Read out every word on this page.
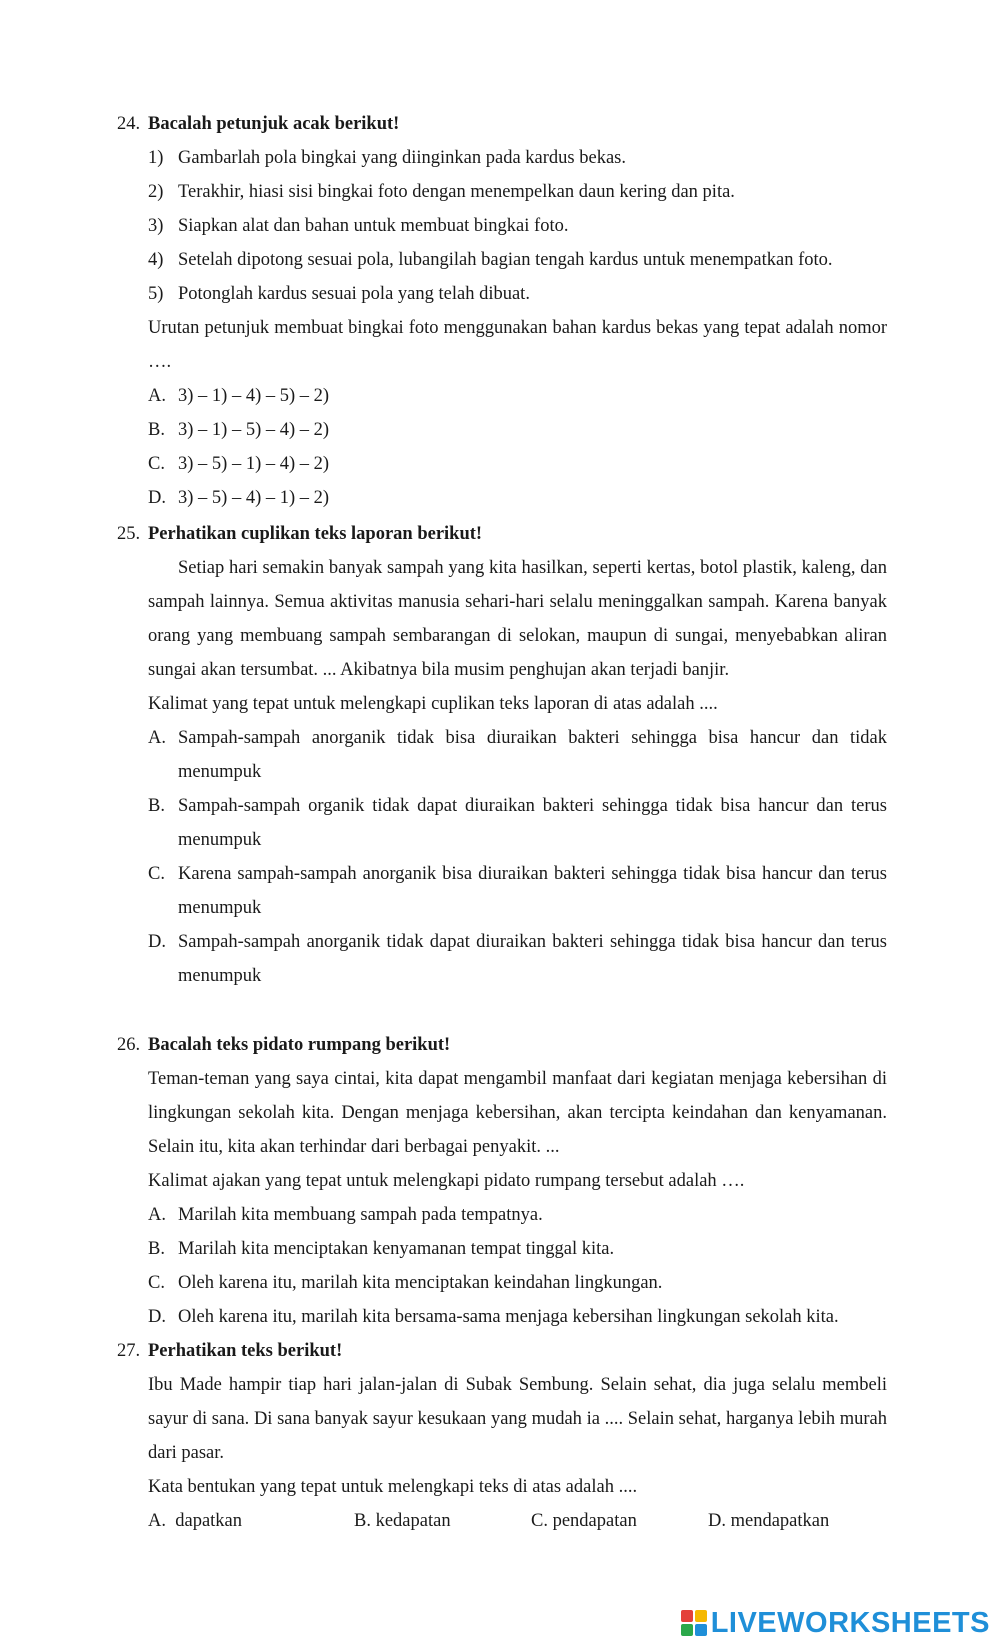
24. Bacalah petunjuk acak berikut!
1) Gambarlah pola bingkai yang diinginkan pada kardus bekas.
2) Terakhir, hiasi sisi bingkai foto dengan menempelkan daun kering dan pita.
3) Siapkan alat dan bahan untuk membuat bingkai foto.
4) Setelah dipotong sesuai pola, lubangilah bagian tengah kardus untuk menempatkan foto.
5) Potonglah kardus sesuai pola yang telah dibuat.
Urutan petunjuk membuat bingkai foto menggunakan bahan kardus bekas yang tepat adalah nomor ….
A. 3) – 1) – 4) – 5) – 2)
B. 3) – 1) – 5) – 4) – 2)
C. 3) – 5) – 1) – 4) – 2)
D. 3) – 5) – 4) – 1) – 2)
25. Perhatikan cuplikan teks laporan berikut!
Setiap hari semakin banyak sampah yang kita hasilkan, seperti kertas, botol plastik, kaleng, dan sampah lainnya. Semua aktivitas manusia sehari-hari selalu meninggalkan sampah. Karena banyak orang yang membuang sampah sembarangan di selokan, maupun di sungai, menyebabkan aliran sungai akan tersumbat. ... Akibatnya bila musim penghujan akan terjadi banjir.
Kalimat yang tepat untuk melengkapi cuplikan teks laporan di atas adalah ....
A. Sampah-sampah anorganik tidak bisa diuraikan bakteri sehingga bisa hancur dan tidak menumpuk
B. Sampah-sampah organik tidak dapat diuraikan bakteri sehingga tidak bisa hancur dan terus menumpuk
C. Karena sampah-sampah anorganik bisa diuraikan bakteri sehingga tidak bisa hancur dan terus menumpuk
D. Sampah-sampah anorganik tidak dapat diuraikan bakteri sehingga tidak bisa hancur dan terus menumpuk
26. Bacalah teks pidato rumpang berikut!
Teman-teman yang saya cintai, kita dapat mengambil manfaat dari kegiatan menjaga kebersihan di lingkungan sekolah kita. Dengan menjaga kebersihan, akan tercipta keindahan dan kenyamanan. Selain itu, kita akan terhindar dari berbagai penyakit. ...
Kalimat ajakan yang tepat untuk melengkapi pidato rumpang tersebut adalah ….
A. Marilah kita membuang sampah pada tempatnya.
B. Marilah kita menciptakan kenyamanan tempat tinggal kita.
C. Oleh karena itu, marilah kita menciptakan keindahan lingkungan.
D. Oleh karena itu, marilah kita bersama-sama menjaga kebersihan lingkungan sekolah kita.
27. Perhatikan teks berikut!
Ibu Made hampir tiap hari jalan-jalan di Subak Sembung. Selain sehat, dia juga selalu membeli sayur di sana. Di sana banyak sayur kesukaan yang mudah ia .... Selain sehat, harganya lebih murah dari pasar.
Kata bentukan yang tepat untuk melengkapi teks di atas adalah ....
A. dapatkan	B. kedapatan	C. pendapatan	D. mendapatkan
LIVEWORKSHEETS
